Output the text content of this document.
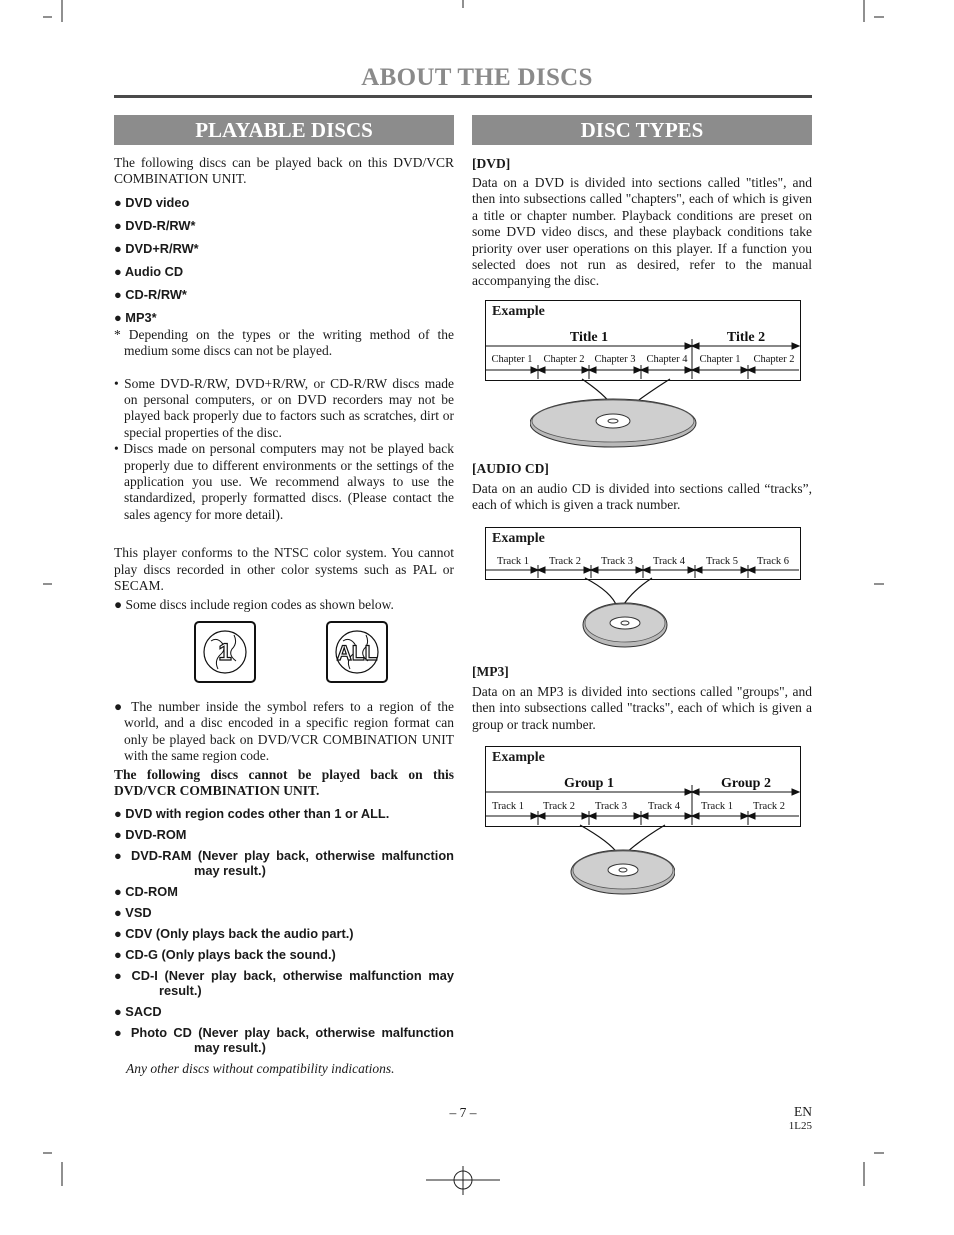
ABOUT THE DISCS
PLAYABLE DISCS	DISC TYPES

The following discs can be played back on this DVD/VCR COMBINATION UNIT.

● DVD video
● DVD-R/RW*
● DVD+R/RW*
● Audio CD
● CD-R/RW*
● MP3*

* Depending on the types or the writing method of the medium some discs can not be played.

• Some DVD-R/RW, DVD+R/RW, or CD-R/RW discs made on personal computers, or on DVD recorders may not be played back properly due to factors such as scratches, dirt or special properties of the disc.

• Discs made on personal computers may not be played back properly due to different environments or the settings of the application you use. We recommend always to use the standardized, properly formatted discs. (Please contact the sales agency for more detail).

This player conforms to the NTSC color system. You cannot play discs recorded in other color systems such as PAL or SECAM.

● Some discs include region codes as shown below.

1	ALL

● The number inside the symbol refers to a region of the world, and a disc encoded in a specific region format can only be played back on DVD/VCR COMBINATION UNIT with the same region code.

The following discs cannot be played back on this DVD/VCR COMBINATION UNIT.

● DVD with region codes other than 1 or ALL.
● DVD-ROM
● DVD-RAM (Never play back, otherwise malfunction may result.)
● CD-ROM
● VSD
● CDV (Only plays back the audio part.)
● CD-G (Only plays back the sound.)
● CD-I (Never play back, otherwise malfunction may result.)
● SACD
● Photo CD (Never play back, otherwise malfunction may result.)

Any other discs without compatibility indications.

[DVD]

Data on a DVD is divided into sections called "titles", and then into subsections called "chapters", each of which is given a title or chapter number. Playback conditions are preset on some DVD video discs, and these playback conditions take priority over user operations on this player. If a function you selected does not run as desired, refer to the manual accompanying the disc.

Example
Title 1	Title 2
Chapter 1 Chapter 2 Chapter 3 Chapter 4 Chapter 1 Chapter 2
[AUDIO CD]

Data on an audio CD is divided into sections called “tracks”, each of which is given a track number.

Example
Track 1 Track 2 Track 3 Track 4 Track 5 Track 6
[MP3]

Data on an MP3 is divided into sections called "groups", and then into subsections called "tracks", each of which is given a group or track number.

Example
Group 1	Group 2
Track 1 Track 2 Track 3 Track 4 Track 1 Track 2
– 7 –	EN
1L25
